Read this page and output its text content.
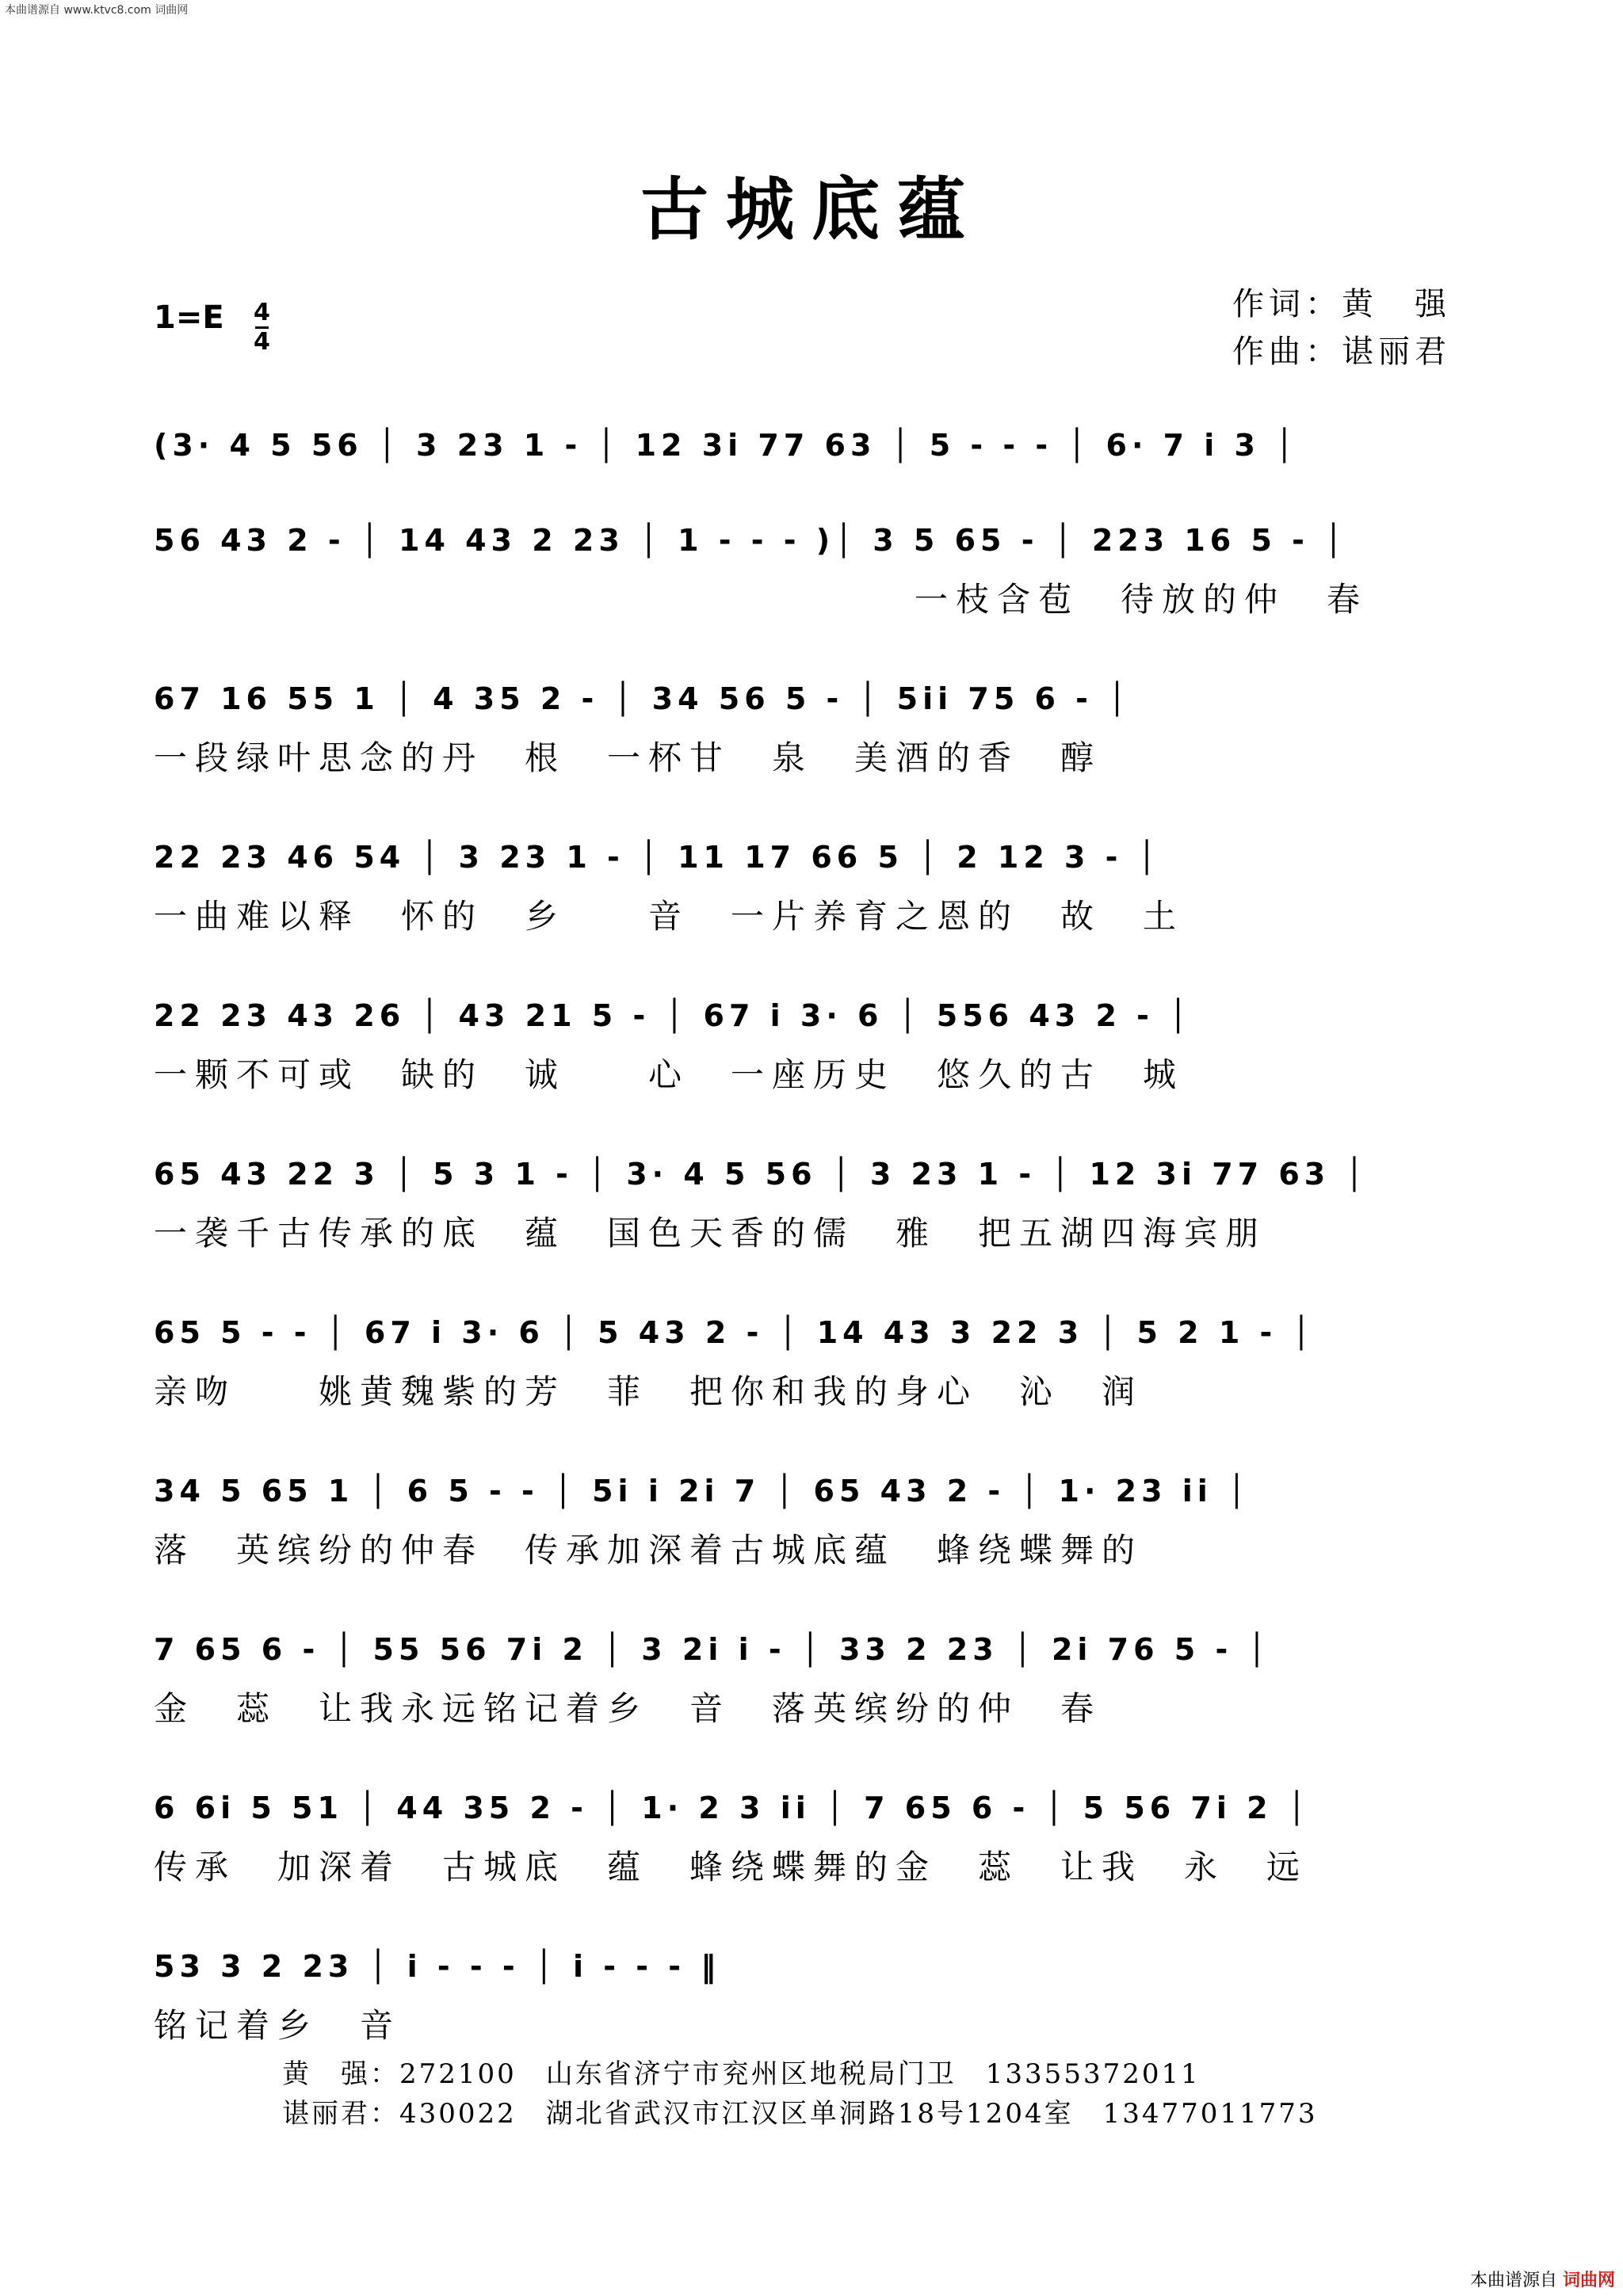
本曲谱源自 www.ktvc8.com 词曲网
古城底蕴
1=E 4
4
作词：黄　强
作曲：谌丽君
(3· 4 5 56 │ 3 23 1 - │ 12 3i 77 63 │ 5 - - - │ 6· 7 i 3 │
56 43 2 - │ 14 43 2 23 │ 1 - - - )│ 3 5 65 - │ 223 16 5 - │
一枝含苞　待放的仲　春
67 16 55 1 │ 4 35 2 - │ 34 56 5 - │ 5ii 75 6 - │
一段绿叶思念的丹　根　一杯甘　泉　美酒的香　醇
22 23 46 54 │ 3 23 1 - │ 11 17 66 5 │ 2 12 3 - │
一曲难以释　怀的　乡　　音　一片养育之恩的　故　土
22 23 43 26 │ 43 21 5 - │ 67 i 3· 6 │ 556 43 2 - │
一颗不可或　缺的　诚　　心　一座历史　悠久的古　城
65 43 22 3 │ 5 3 1 - │ 3· 4 5 56 │ 3 23 1 - │ 12 3i 77 63 │
一袭千古传承的底　蕴　国色天香的儒　雅　把五湖四海宾朋
65 5 - - │ 67 i 3· 6 │ 5 43 2 - │ 14 43 3 22 3 │ 5 2 1 - │
亲吻　　姚黄魏紫的芳　菲　把你和我的身心　沁　润
34 5 65 1 │ 6 5 - - │ 5i i 2i 7 │ 65 43 2 - │ 1· 23 ii │
落　英缤纷的仲春　传承加深着古城底蕴　蜂绕蝶舞的
7 65 6 - │ 55 56 7i 2 │ 3 2i i - │ 33 2 23 │ 2i 76 5 - │
金　蕊　让我永远铭记着乡　音　落英缤纷的仲　春
6 6i 5 51 │ 44 35 2 - │ 1· 2 3 ii │ 7 65 6 - │ 5 56 7i 2 │
传承　加深着　古城底　蕴　蜂绕蝶舞的金　蕊　让我　永　远
53 3 2 23 │ i - - - │ i - - - ‖
铭记着乡　音
黄　强：272100　山东省济宁市兖州区地税局门卫　13355372011
谌丽君：430022　湖北省武汉市江汉区单洞路18号1204室　13477011773
本曲谱源自 词曲网
